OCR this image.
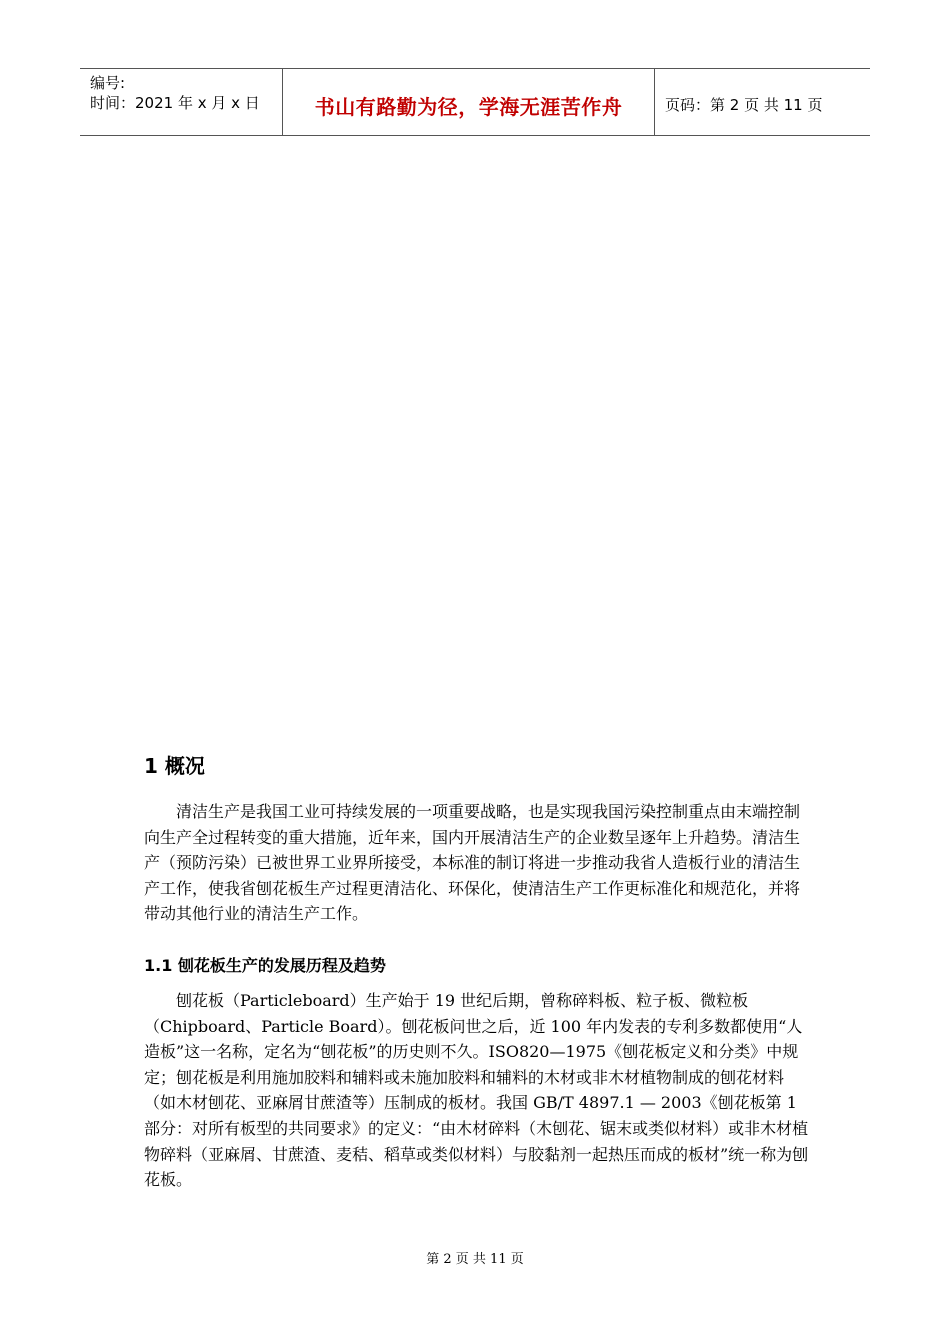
编号:
时间：2021 年 x 月 x 日	书山有路勤为径，学海无涯苦作舟	页码：第 2 页 共 11 页
1 概况

清洁生产是我国工业可持续发展的一项重要战略，也是实现我国污染控制重点由末端控制向生产全过程转变的重大措施，近年来，国内开展清洁生产的企业数呈逐年上升趋势。清洁生产（预防污染）已被世界工业界所接受，本标准的制订将进一步推动我省人造板行业的清洁生产工作，使我省刨花板生产过程更清洁化、环保化，使清洁生产工作更标准化和规范化，并将带动其他行业的清洁生产工作。

1.1 刨花板生产的发展历程及趋势

刨花板（Particleboard）生产始于 19 世纪后期，曾称碎料板、粒子板、微粒板（Chipboard、Particle Board）。刨花板问世之后，近 100 年内发表的专利多数都使用“人造板”这一名称，定名为“刨花板”的历史则不久。ISO820—1975《刨花板定义和分类》中规定；刨花板是利用施加胶料和辅料或未施加胶料和辅料的木材或非木材植物制成的刨花材料（如木材刨花、亚麻屑甘蔗渣等）压制成的板材。我国 GB/T 4897.1 — 2003《刨花板第 1 部分：对所有板型的共同要求》的定义：“由木材碎料（木刨花、锯末或类似材料）或非木材植物碎料（亚麻屑、甘蔗渣、麦秸、稻草或类似材料）与胶黏剂一起热压而成的板材”统一称为刨花板。

第 2 页 共 11 页
